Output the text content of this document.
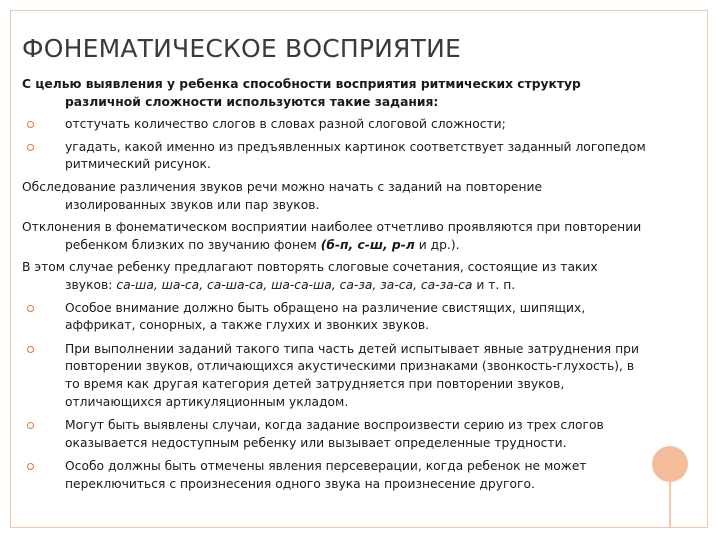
ФОНЕМАТИЧЕСКОЕ ВОСПРИЯТИЕ

С целью выявления у ребенка способности восприятия ритмических структур различной сложности используются такие задания:

отстучать количество слогов в словах разной слоговой сложности;
угадать, какой именно из предъявленных картинок соответствует заданный логопедом ритмический рисунок.

Обследование различения звуков речи можно начать с заданий на повторение изолированных звуков или пар звуков.

Отклонения в фонематическом восприятии наиболее отчетливо проявляются при повторении ребенком близких по звучанию фонем (б-п, с-ш, р-л и др.).

В этом случае ребенку предлагают повторять слоговые сочетания, состоящие из таких звуков: са-ша, ша-са, са-ша-са, ша-са-ша, са-за, за-са, са-за-са и т. п.

Особое внимание должно быть обращено на различение свистящих, шипящих, аффрикат, сонорных, а также глухих и звонких звуков.
При выполнении заданий такого типа часть детей испытывает явные затруднения при повторении звуков, отличающихся акустическими признаками (звонкость-глухость), в то время как другая категория детей затрудняется при повторении звуков, отличающихся артикуляционным укладом.
Могут быть выявлены случаи, когда задание воспроизвести серию из трех слогов оказывается недоступным ребенку или вызывает определенные трудности.
Особо должны быть отмечены явления персеверации, когда ребенок не может переключиться с произнесения одного звука на произнесение другого.
